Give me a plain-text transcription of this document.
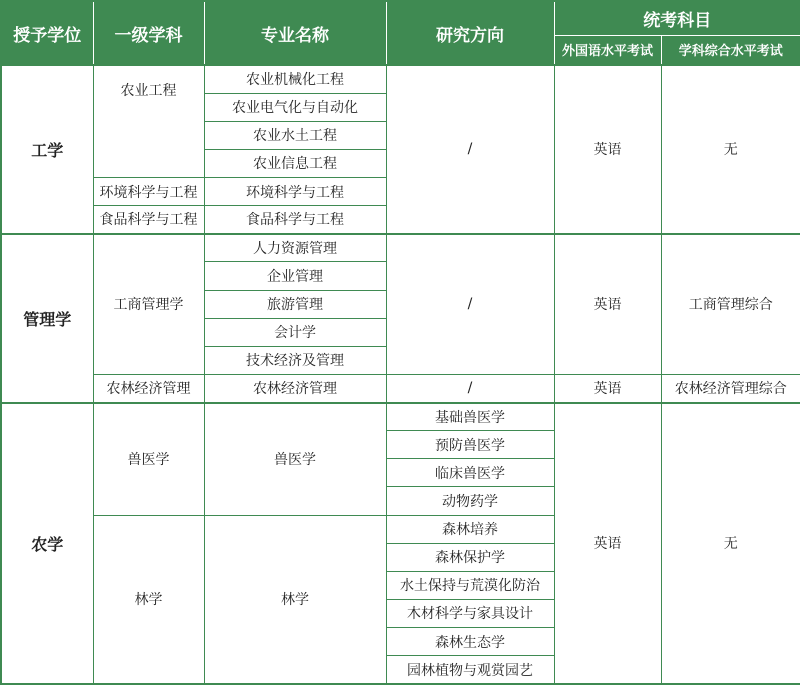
授予学位	一级学科	专业名称	研究方向	统考科目	
				外国语水平考试	学科综合水平考试
工学	农业工程	农业机械化工程	/	英语	无
		农业电气化与自动化			
		农业水土工程			
		农业信息工程			
	环境科学与工程	环境科学与工程			
	食品科学与工程	食品科学与工程			
管理学	工商管理学	人力资源管理	/	英语	工商管理综合
		企业管理			
		旅游管理			
		会计学			
		技术经济及管理			
	农林经济管理	农林经济管理	/	英语	农林经济管理综合
农学	兽医学	兽医学	基础兽医学	英语	无
			预防兽医学		
			临床兽医学		
			动物药学		
	林学	林学	森林培养		
			森林保护学		
			水土保持与荒漠化防治		
			木材科学与家具设计		
			森林生态学		
			园林植物与观赏园艺		
